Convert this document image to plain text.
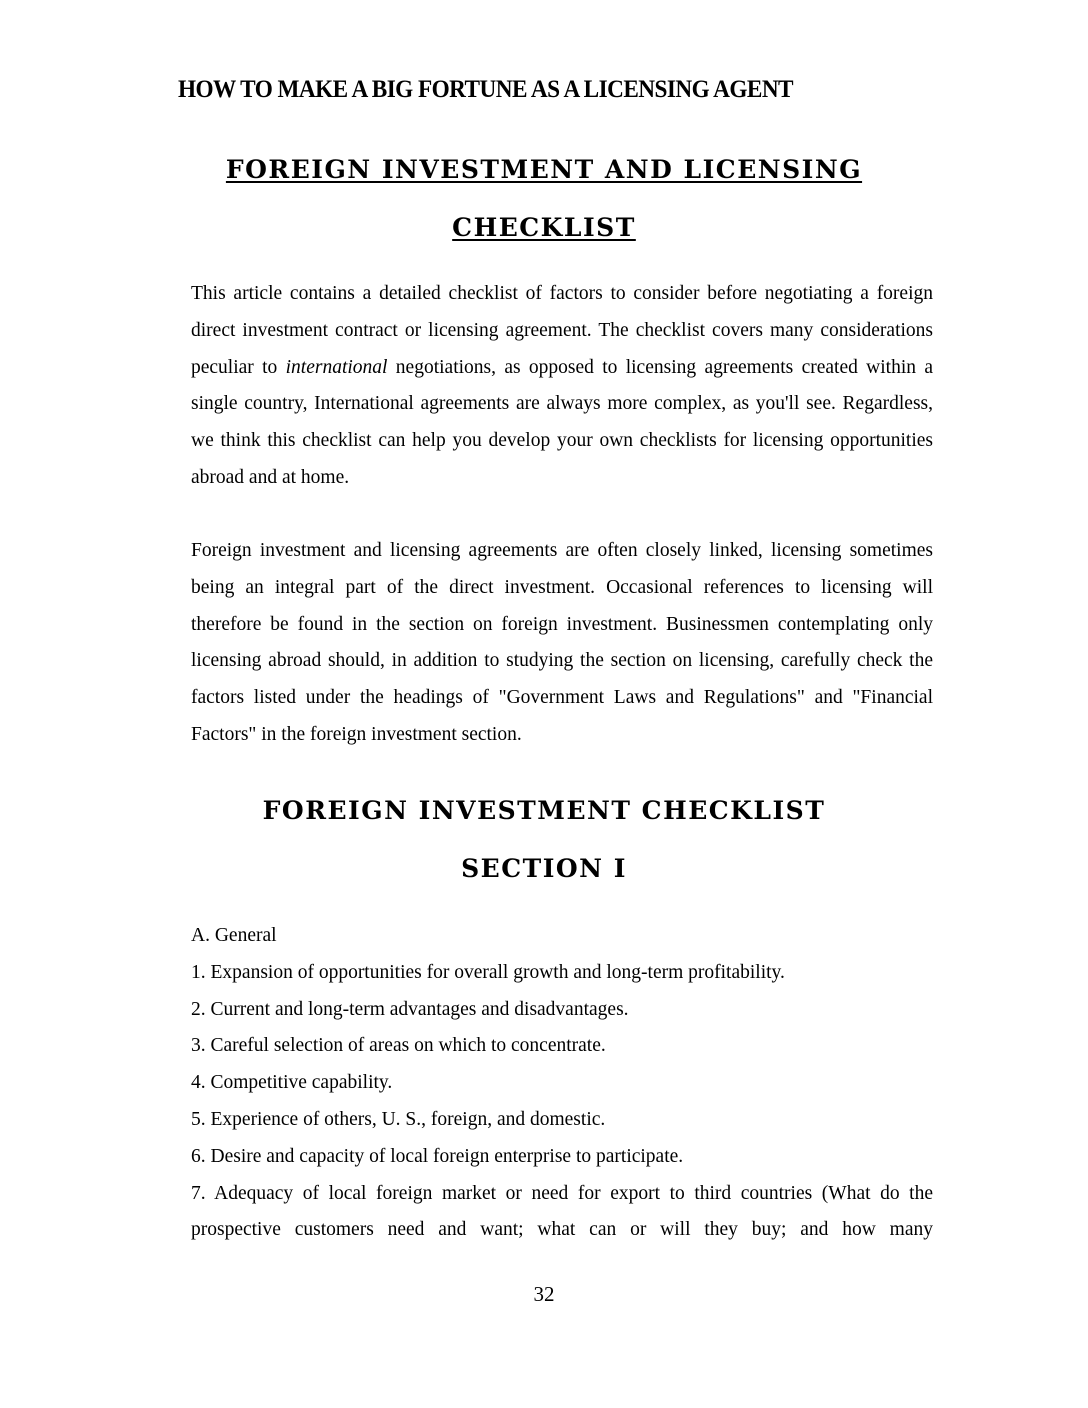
HOW TO MAKE A BIG FORTUNE AS A LICENSING AGENT
FOREIGN INVESTMENT AND LICENSING
CHECKLIST

This article contains a detailed checklist of factors to consider before negotiating a foreign direct investment contract or licensing agreement. The checklist covers many considerations peculiar to international negotiations, as opposed to licensing agreements created within a single country, International agreements are always more complex, as you'll see. Regardless, we think this checklist can help you develop your own checklists for licensing opportunities abroad and at home.

Foreign investment and licensing agreements are often closely linked, licensing sometimes being an integral part of the direct investment. Occasional references to licensing will therefore be found in the section on foreign investment. Businessmen contemplating only licensing abroad should, in addition to studying the section on licensing, carefully check the factors listed under the headings of "Government Laws and Regulations" and "Financial Factors" in the foreign investment section.

FOREIGN INVESTMENT CHECKLIST
SECTION I
A. General
1. Expansion of opportunities for overall growth and long-term profitability.
2. Current and long-term advantages and disadvantages.
3. Careful selection of areas on which to concentrate.
4. Competitive capability.
5. Experience of others, U. S., foreign, and domestic.
6. Desire and capacity of local foreign enterprise to participate.
7. Adequacy of local foreign market or need for export to third countries (What do the prospective customers need and want; what can or will they buy; and how many
32
